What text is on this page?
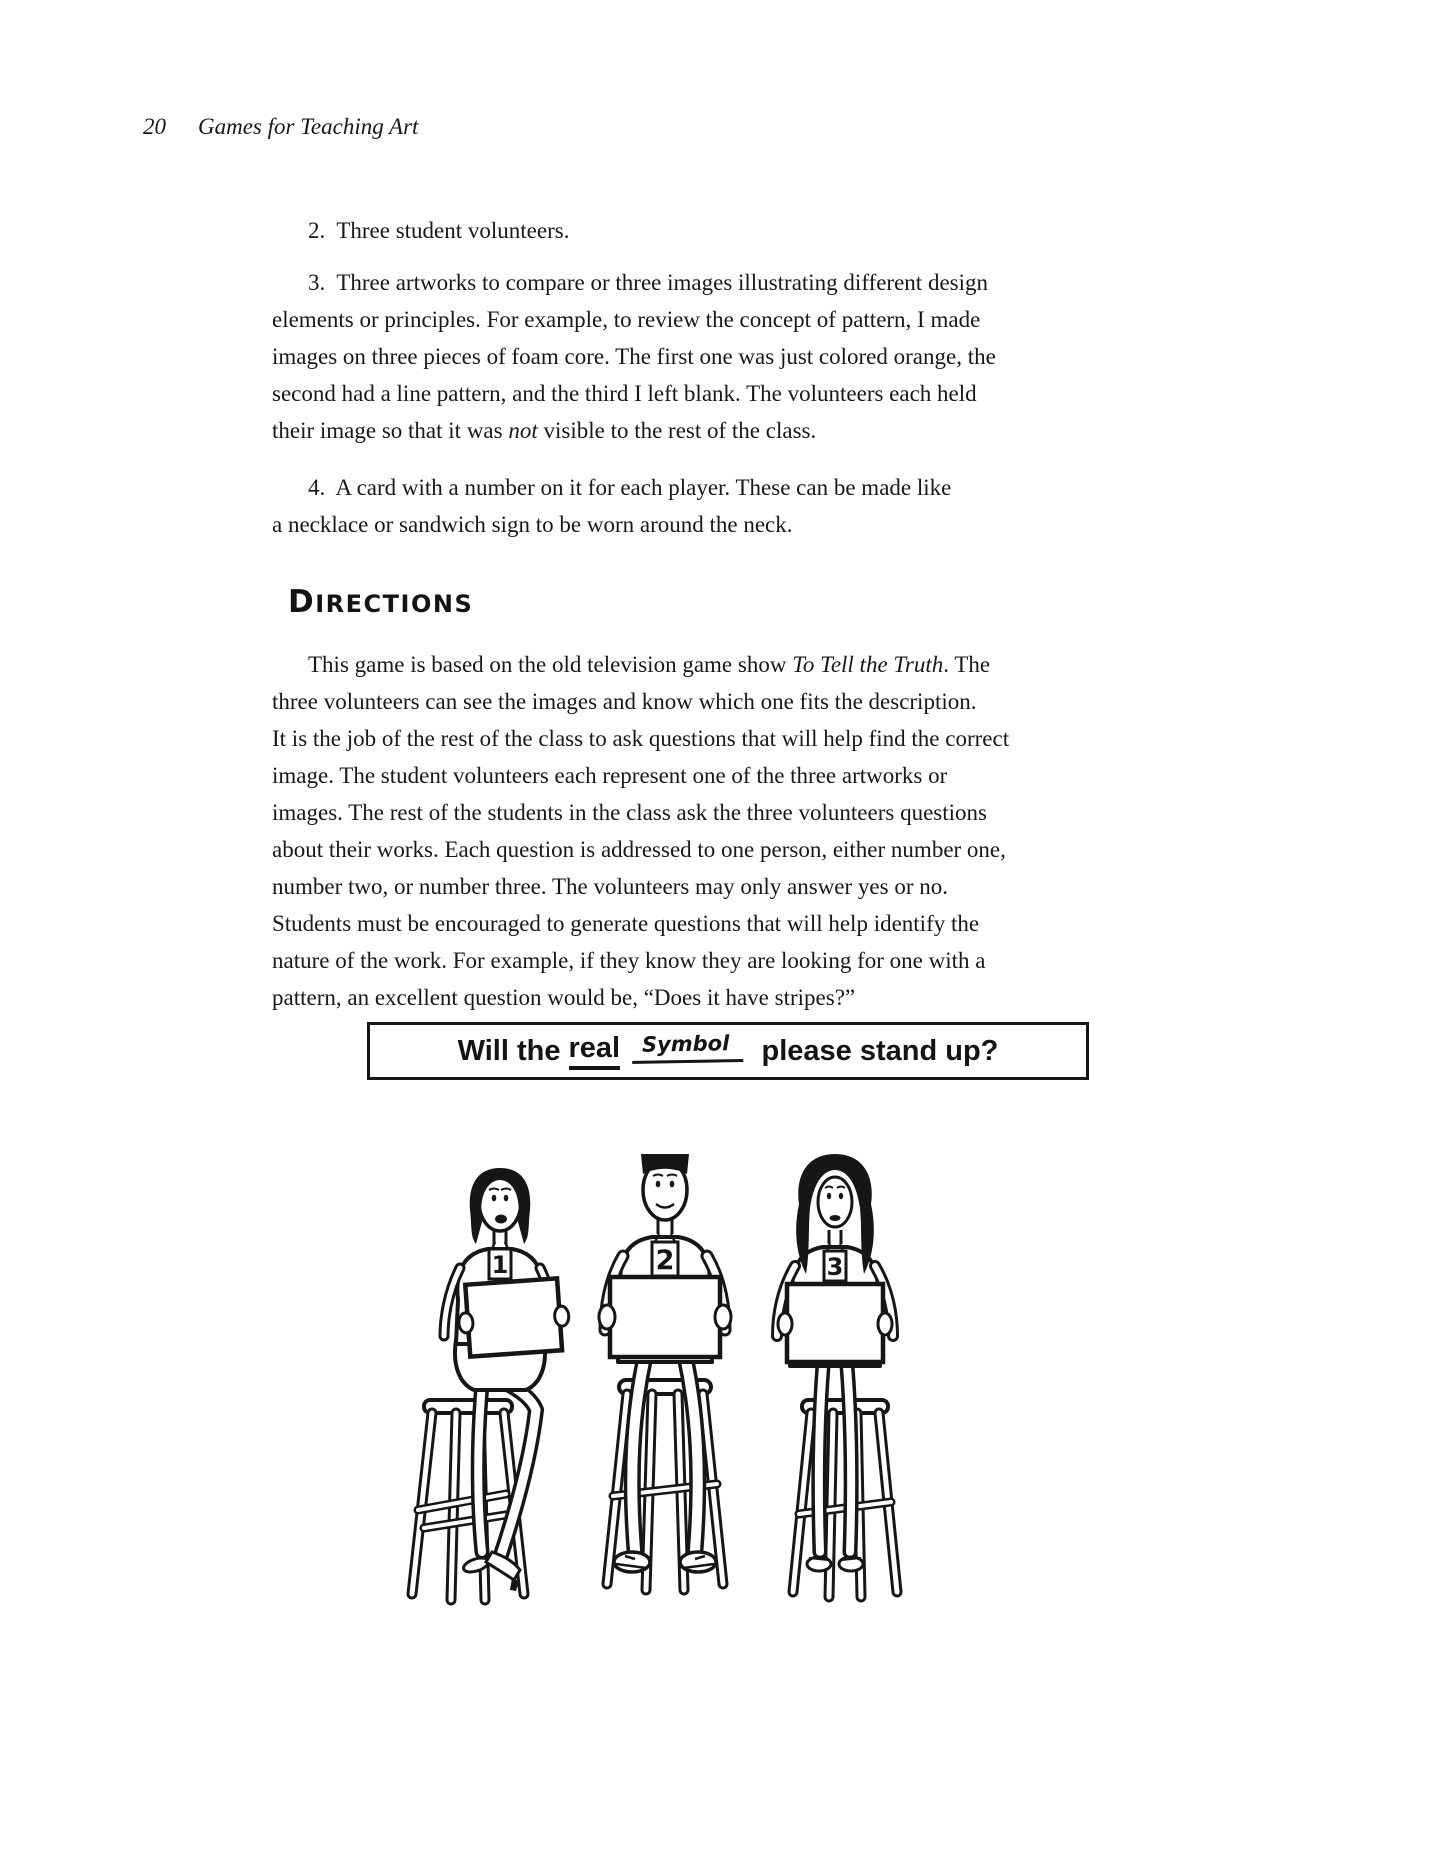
20 Games for Teaching Art
2.  Three student volunteers.
3.  Three artworks to compare or three images illustrating different design
elements or principles. For example, to review the concept of pattern, I made
images on three pieces of foam core. The first one was just colored orange, the
second had a line pattern, and the third I left blank. The volunteers each held
their image so that it was not visible to the rest of the class.
4.  A card with a number on it for each player. These can be made like
a necklace or sandwich sign to be worn around the neck.
DIRECTIONS
This game is based on the old television game show To Tell the Truth. The
three volunteers can see the images and know which one fits the description.
It is the job of the rest of the class to ask questions that will help find the correct
image. The student volunteers each represent one of the three artworks or
images. The rest of the students in the class ask the three volunteers questions
about their works. Each question is addressed to one person, either number one,
number two, or number three. The volunteers may only answer yes or no.
Students must be encouraged to generate questions that will help identify the
nature of the work. For example, if they know they are looking for one with a
pattern, an excellent question would be, “Does it have stripes?”
Will the real	Symbol	please stand up?
1	2	3
